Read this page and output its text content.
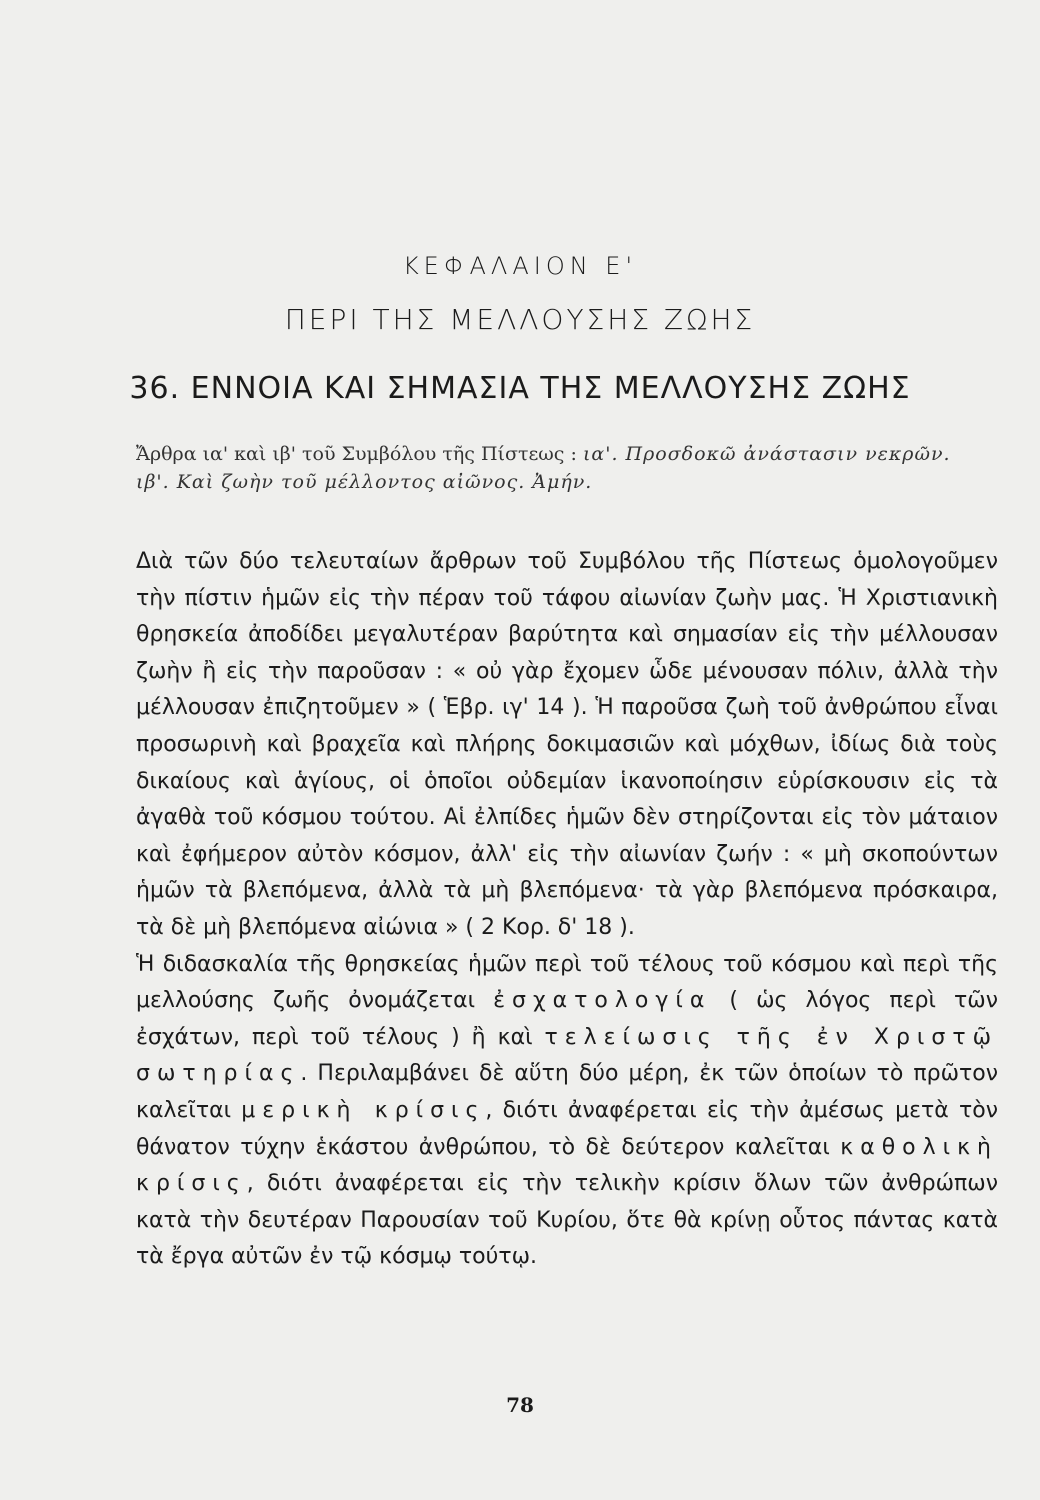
ΚΕΦΑΛΑΙΟΝ Ε'
ΠΕΡΙ ΤΗΣ ΜΕΛΛΟΥΣΗΣ ΖΩΗΣ
36. ΕΝΝΟΙΑ ΚΑΙ ΣΗΜΑΣΙΑ ΤΗΣ ΜΕΛΛΟΥΣΗΣ ΖΩΗΣ

Ἄρθρα ια' καὶ ιβ' τοῦ Συμβόλου τῆς Πίστεως : ια'. Προσδοκῶ ἀνάστασιν νεκρῶν.

ιβ'. Καὶ ζωὴν τοῦ μέλλοντος αἰῶνος. Ἀμήν.

Διὰ τῶν δύο τελευταίων ἄρθρων τοῦ Συμβόλου τῆς Πίστεως ὁμολογοῦμεν τὴν πίστιν ἡμῶν εἰς τὴν πέραν τοῦ τάφου αἰωνίαν ζωὴν μας. Ἡ Χριστιανικὴ θρησκεία ἀποδίδει μεγαλυτέραν βαρύτητα καὶ σημασίαν εἰς τὴν μέλλουσαν ζωὴν ἢ εἰς τὴν παροῦσαν : « οὐ γὰρ ἔχομεν ὧδε μένουσαν πόλιν, ἀλλὰ τὴν μέλλουσαν ἐπιζητοῦμεν » ( Ἑβρ. ιγ' 14 ). Ἡ παροῦσα ζωὴ τοῦ ἀνθρώπου εἶναι προσωρινὴ καὶ βραχεῖα καὶ πλήρης δοκιμασιῶν καὶ μόχθων, ἰδίως διὰ τοὺς δικαίους καὶ ἁγίους, οἱ ὁποῖοι οὐδεμίαν ἱκανοποίησιν εὑρίσκουσιν εἰς τὰ ἀγαθὰ τοῦ κόσμου τούτου. Αἱ ἐλπίδες ἡμῶν δὲν στηρίζονται εἰς τὸν μάταιον καὶ ἐφήμερον αὐτὸν κόσμον, ἀλλ' εἰς τὴν αἰωνίαν ζωήν : « μὴ σκοπούντων ἡμῶν τὰ βλεπόμενα, ἀλλὰ τὰ μὴ βλεπόμενα· τὰ γὰρ βλεπόμενα πρόσκαιρα, τὰ δὲ μὴ βλεπόμενα αἰώνια » ( 2 Κορ. δ' 18 ).

Ἡ διδασκαλία τῆς θρησκείας ἡμῶν περὶ τοῦ τέλους τοῦ κόσμου καὶ περὶ τῆς μελλούσης ζωῆς ὀνομάζεται ἐσχατολογία ( ὡς λόγος περὶ τῶν ἐσχάτων, περὶ τοῦ τέλους ) ἢ καὶ τελείωσις τῆς ἐν Χριστῷ σωτηρίας. Περιλαμβάνει δὲ αὕτη δύο μέρη, ἐκ τῶν ὁποίων τὸ πρῶτον καλεῖται μερικὴ κρίσις, διότι ἀναφέρεται εἰς τὴν ἀμέσως μετὰ τὸν θάνατον τύχην ἑκάστου ἀνθρώπου, τὸ δὲ δεύτερον καλεῖται καθολικὴ κρίσις, διότι ἀναφέρεται εἰς τὴν τελικὴν κρίσιν ὅλων τῶν ἀνθρώπων κατὰ τὴν δευτέραν Παρουσίαν τοῦ Κυρίου, ὅτε θὰ κρίνῃ οὗτος πάντας κατὰ τὰ ἔργα αὐτῶν ἐν τῷ κόσμῳ τούτῳ.

78
